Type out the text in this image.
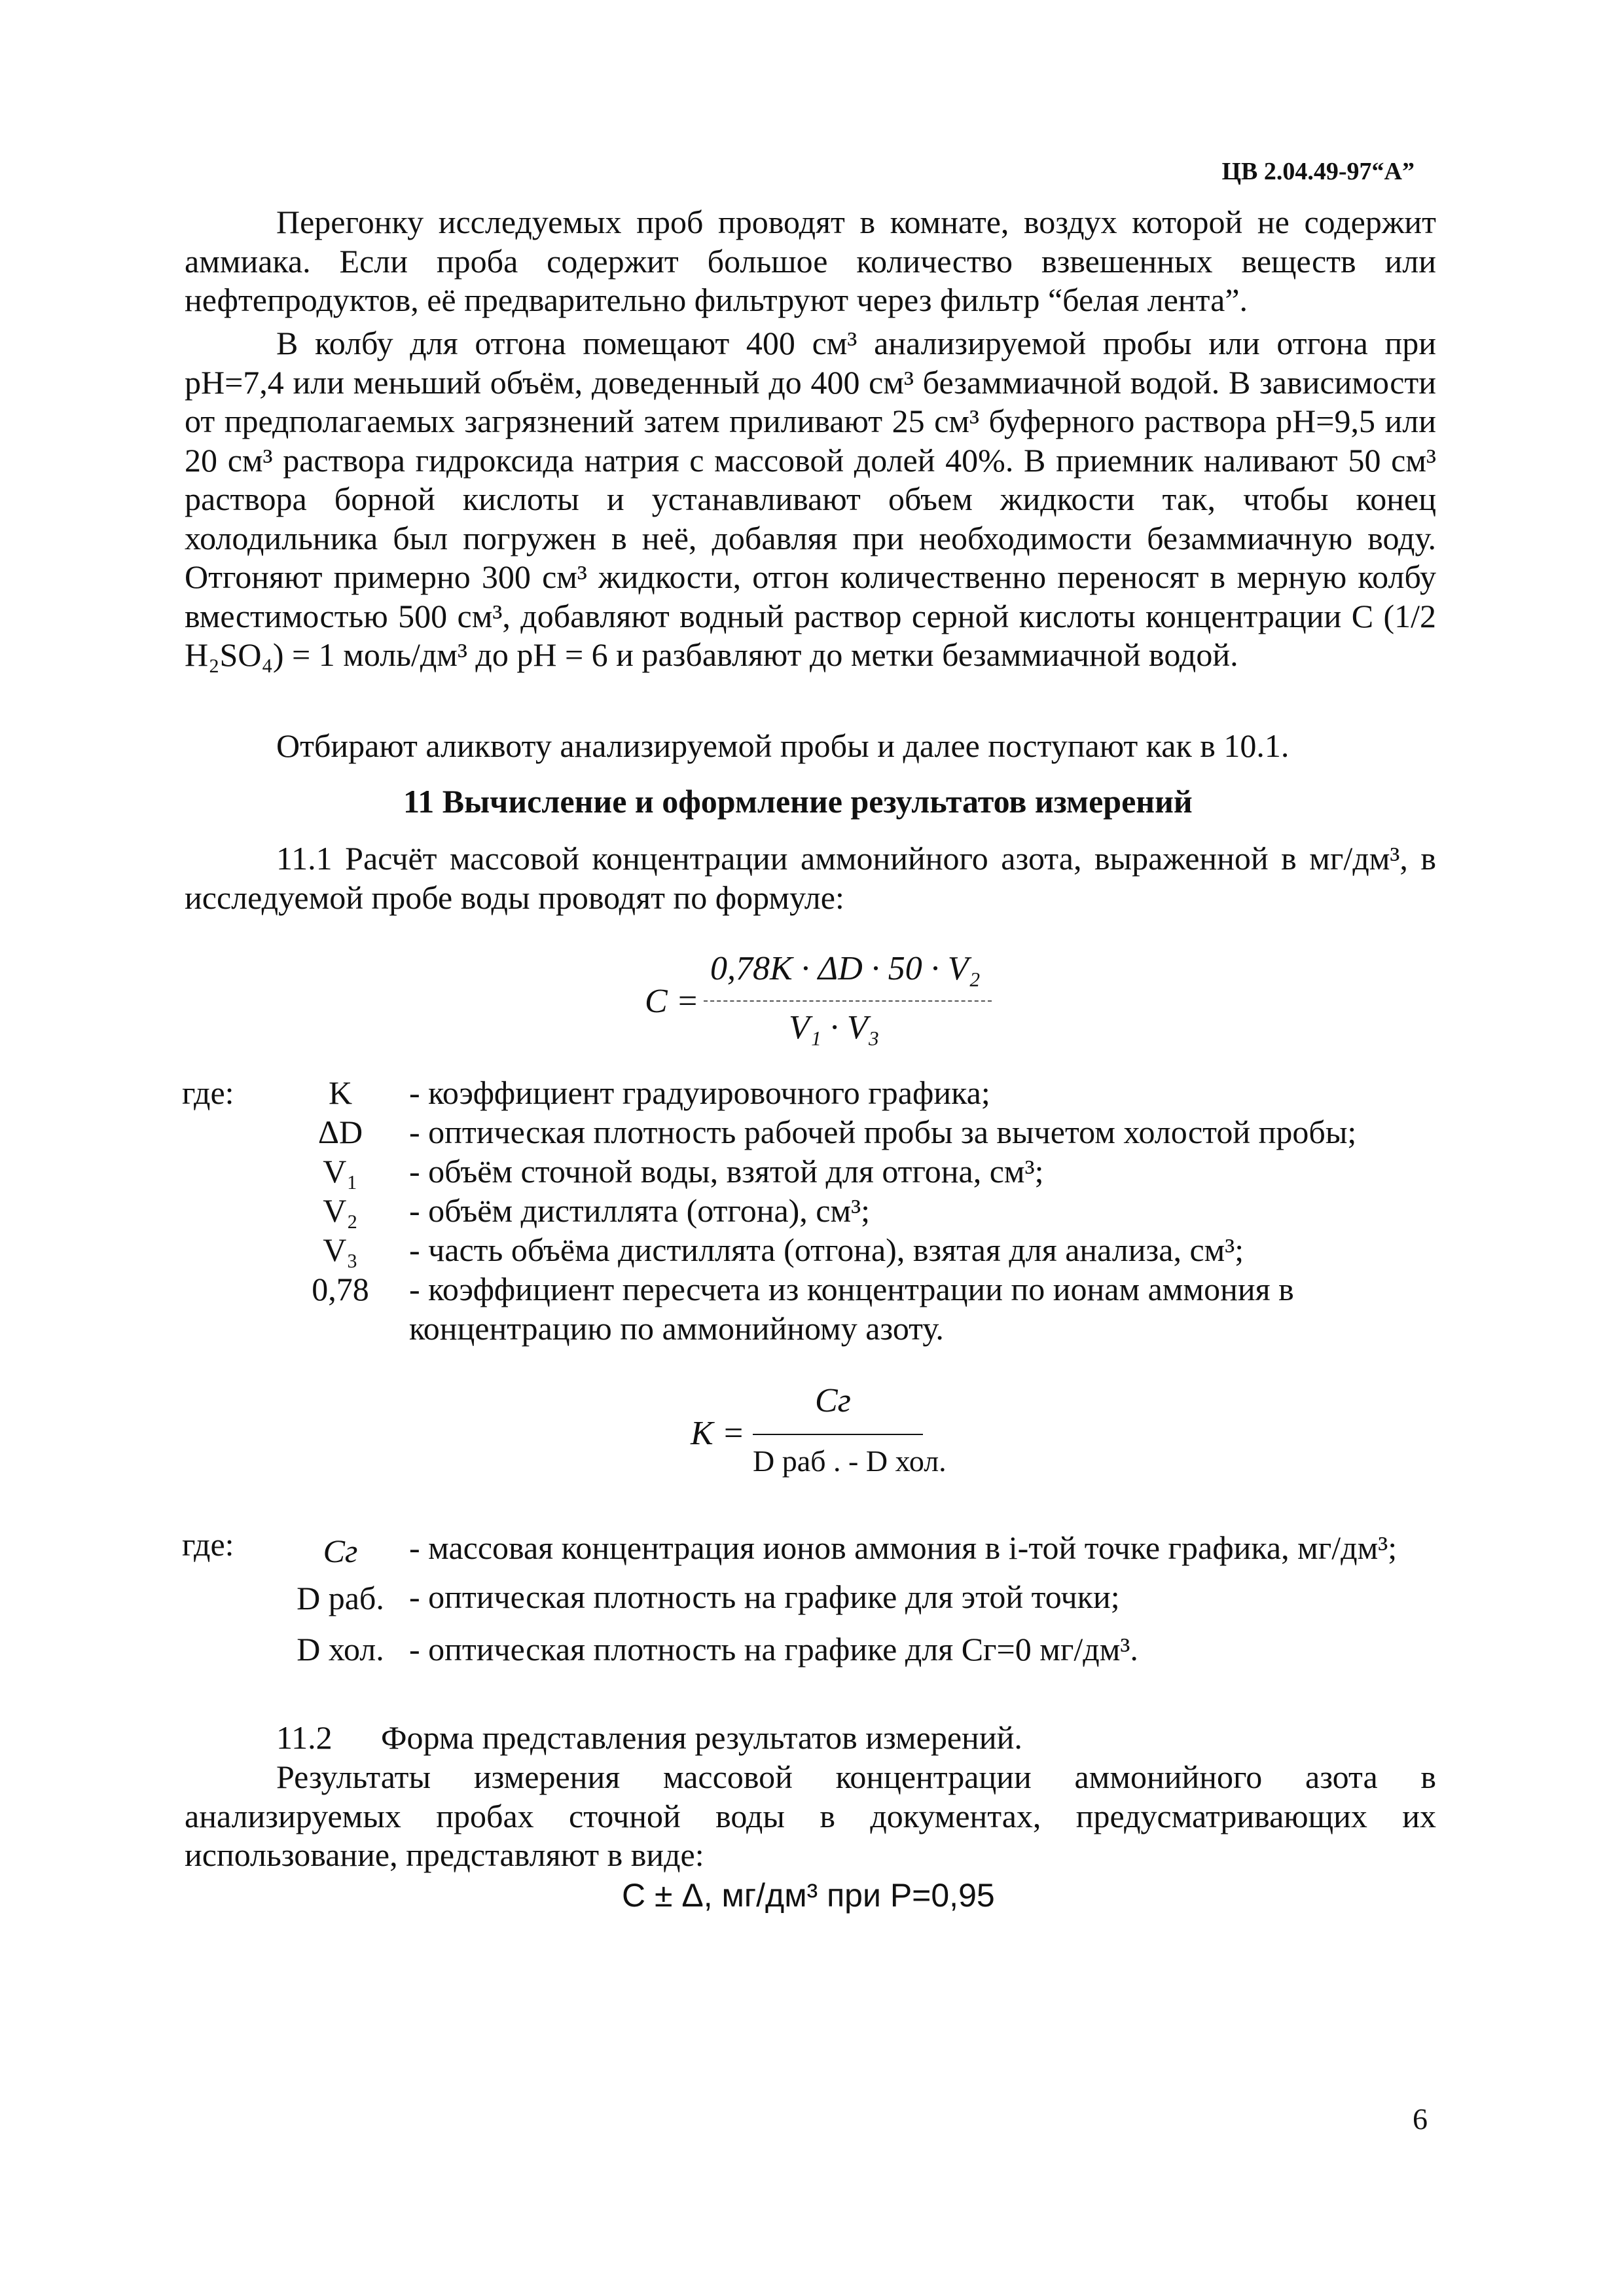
ЦВ 2.04.49-97“А”

Перегонку исследуемых проб проводят в комнате, воздух которой не содержит аммиака. Если проба содержит большое количество взвешенных веществ или нефтепродуктов, её предварительно фильтруют через фильтр “белая лента”.

В колбу для отгона помещают 400 см³ анализируемой пробы или отгона при pH=7,4 или меньший объём, доведенный до 400 см³ безаммиачной водой. В зависимости от предполагаемых загрязнений затем приливают 25 см³ буферного раствора pH=9,5 или 20 см³ раствора гидроксида натрия с массовой долей 40%. В приемник наливают 50 см³ раствора борной кислоты и устанавливают объем жидкости так, чтобы конец холодильника был погружен в неё, добавляя при необходимости безаммиачную воду. Отгоняют примерно 300 см³ жидкости, отгон количественно переносят в мерную колбу вместимостью 500 см³, добавляют водный раствор серной кислоты концентрации C (1/2 H₂SO₄) = 1 моль/дм³ до pH = 6 и разбавляют до метки безаммиачной водой.

Отбирают аликвоту анализируемой пробы и далее поступают как в 10.1.

11 Вычисление и оформление результатов измерений

11.1 Расчёт массовой концентрации аммонийного азота, выраженной в мг/дм³, в исследуемой пробе воды проводят по формуле:

C =
0,78K · ΔD · 50 · V₂
V₁ · V₃
где:	K	- коэффициент градуировочного графика;
ΔD	- оптическая плотность рабочей пробы за вычетом холостой пробы;
V₁	- объём сточной воды, взятой для отгона, см³;
V₂	- объём дистиллята (отгона), см³;
V₃	- часть объёма дистиллята (отгона), взятая для анализа, см³;
0,78	- коэффициент пересчета из концентрации по ионам аммония в
концентрацию по аммонийному азоту.
K =
Cг
D раб . - D хол.
где:	Cг	- массовая концентрация ионов аммония в i-той точке графика, мг/дм³;
D раб. - оптическая плотность на графике для этой точки;
D хол. - оптическая плотность на графике для Сг=0 мг/дм³.
11.2 Форма представления результатов измерений.

Результаты измерения массовой концентрации аммонийного азота в анализируемых пробах сточной воды в документах, предусматривающих их использование, представляют в виде:

C ± Δ, мг/дм³ при P=0,95
6
